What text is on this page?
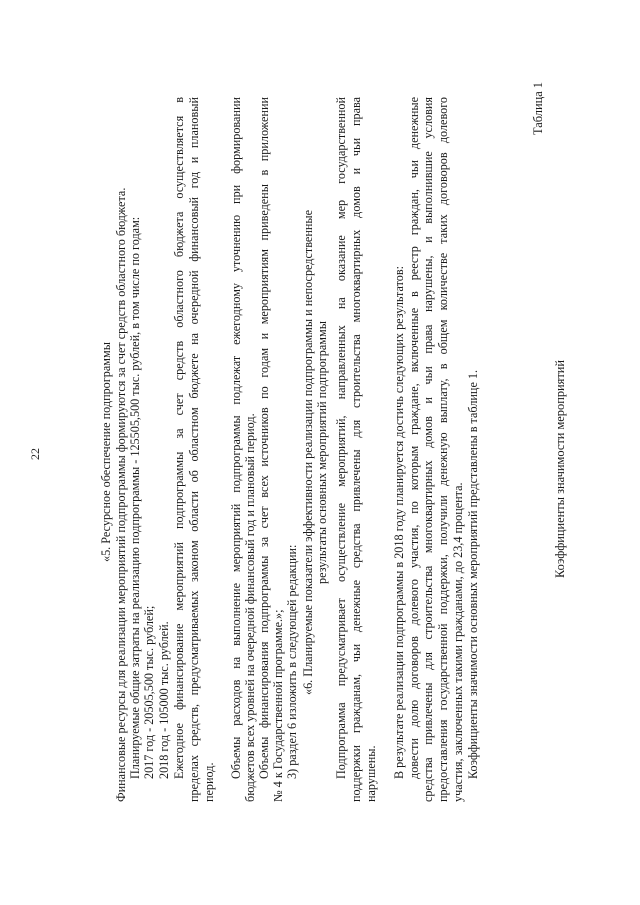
22	«5. Ресурсное обеспечение подпрограммы Финансовые ресурсы для реализации мероприятий подпрограммы формируются за счет средств областного бюджета. Планируемые общие затраты на реализацию подпрограммы - 125505,500 тыс. рублей, в том числе по годам: 2017 год - 20505,500 тыс. рублей; 2018 год - 105000 тыс. рублей. Ежегодное финансирование мероприятий подпрограммы за счет средств областного бюджета осуществляется в пределах средств, предусматриваемых законом области об областном бюджете на очередной финансовый год и плановый период.
Объемы расходов на выполнение мероприятий подпрограммы подлежат ежегодному уточнению при формировании бюджетов всех уровней на очередной финансовый год и плановый период. Объемы финансирования подпрограммы за счет всех источников по годам и мероприятиям приведены в приложении № 4 к Государственной программе.»; 3) раздел 6 изложить в следующей редакции: «6. Планируемые показатели эффективности реализации подпрограммы и непосредственные результаты основных мероприятий подпрограммы Подпрограмма предусматривает осуществление мероприятий, направленных на оказание мер государственной поддержки гражданам, чьи денежные средства привлечены для строительства многоквартирных домов и чьи права нарушены. В результате реализации подпрограммы в 2018 году планируется достичь следующих результатов: довести долю договоров долевого участия, по которым граждане, включенные в реестр граждан, чьи денежные средства привлечены для строительства многоквартирных домов и чьи права нарушены, и выполнившие условия предоставления государственной поддержки, получили денежную выплату, в общем количестве таких договоров долевого участия, заключенных такими гражданами, до 23,4 процента. Коэффициенты значимости основных мероприятий представлены в таблице 1.
Таблица 1
Коэффициенты значимости мероприятий
